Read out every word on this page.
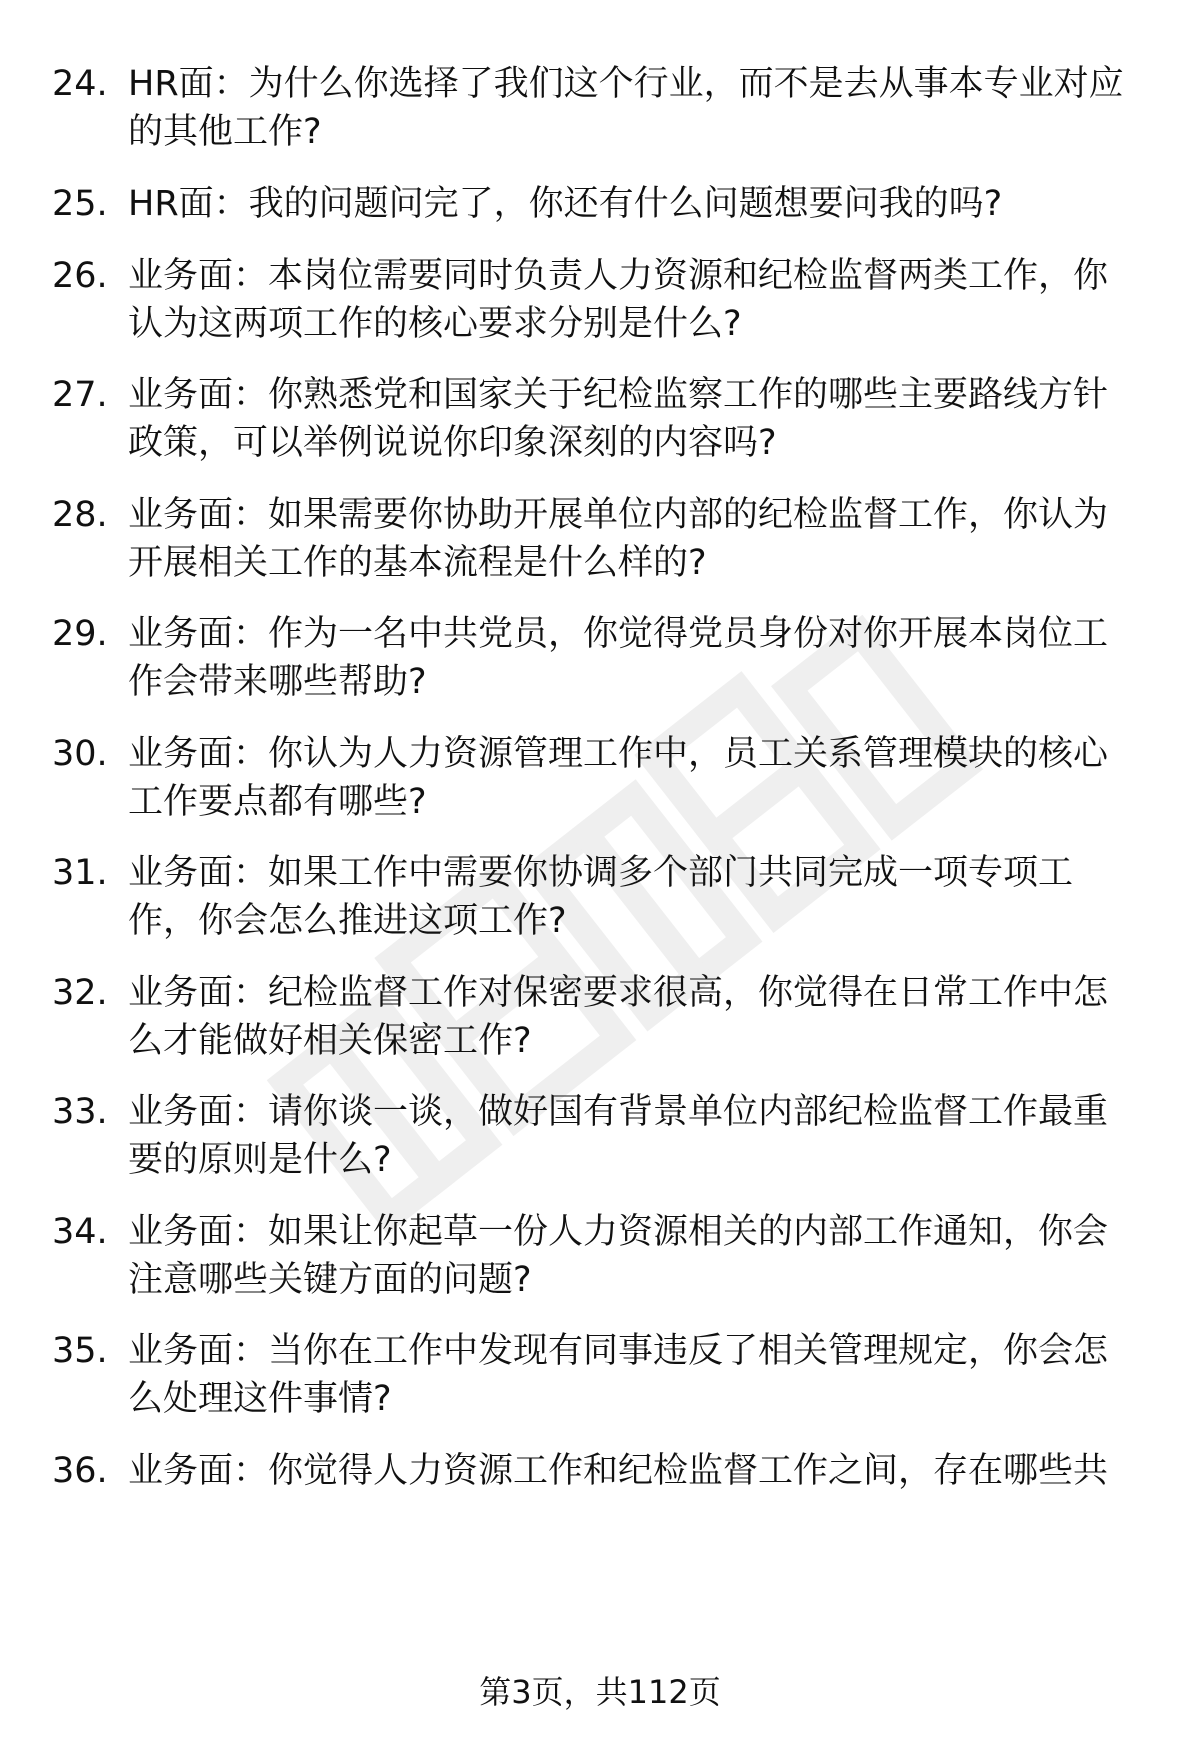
24. HR面：为什么你选择了我们这个行业，而不是去从事本专业对应
的其他工作?
25. HR面：我的问题问完了，你还有什么问题想要问我的吗?
26. 业务面：本岗位需要同时负责人力资源和纪检监督两类工作，你
认为这两项工作的核心要求分别是什么?
27. 业务面：你熟悉党和国家关于纪检监察工作的哪些主要路线方针
政策，可以举例说说你印象深刻的内容吗?
28. 业务面：如果需要你协助开展单位内部的纪检监督工作，你认为
开展相关工作的基本流程是什么样的?
29. 业务面：作为一名中共党员，你觉得党员身份对你开展本岗位工
作会带来哪些帮助?
30. 业务面：你认为人力资源管理工作中，员工关系管理模块的核心
工作要点都有哪些?
31. 业务面：如果工作中需要你协调多个部门共同完成一项专项工
作，你会怎么推进这项工作?
32. 业务面：纪检监督工作对保密要求很高，你觉得在日常工作中怎
么才能做好相关保密工作?
33. 业务面：请你谈一谈，做好国有背景单位内部纪检监督工作最重
要的原则是什么?
34. 业务面：如果让你起草一份人力资源相关的内部工作通知，你会
注意哪些关键方面的问题?
35. 业务面：当你在工作中发现有同事违反了相关管理规定，你会怎
么处理这件事情?
36. 业务面：你觉得人力资源工作和纪检监督工作之间，存在哪些共
第3页，共112页
